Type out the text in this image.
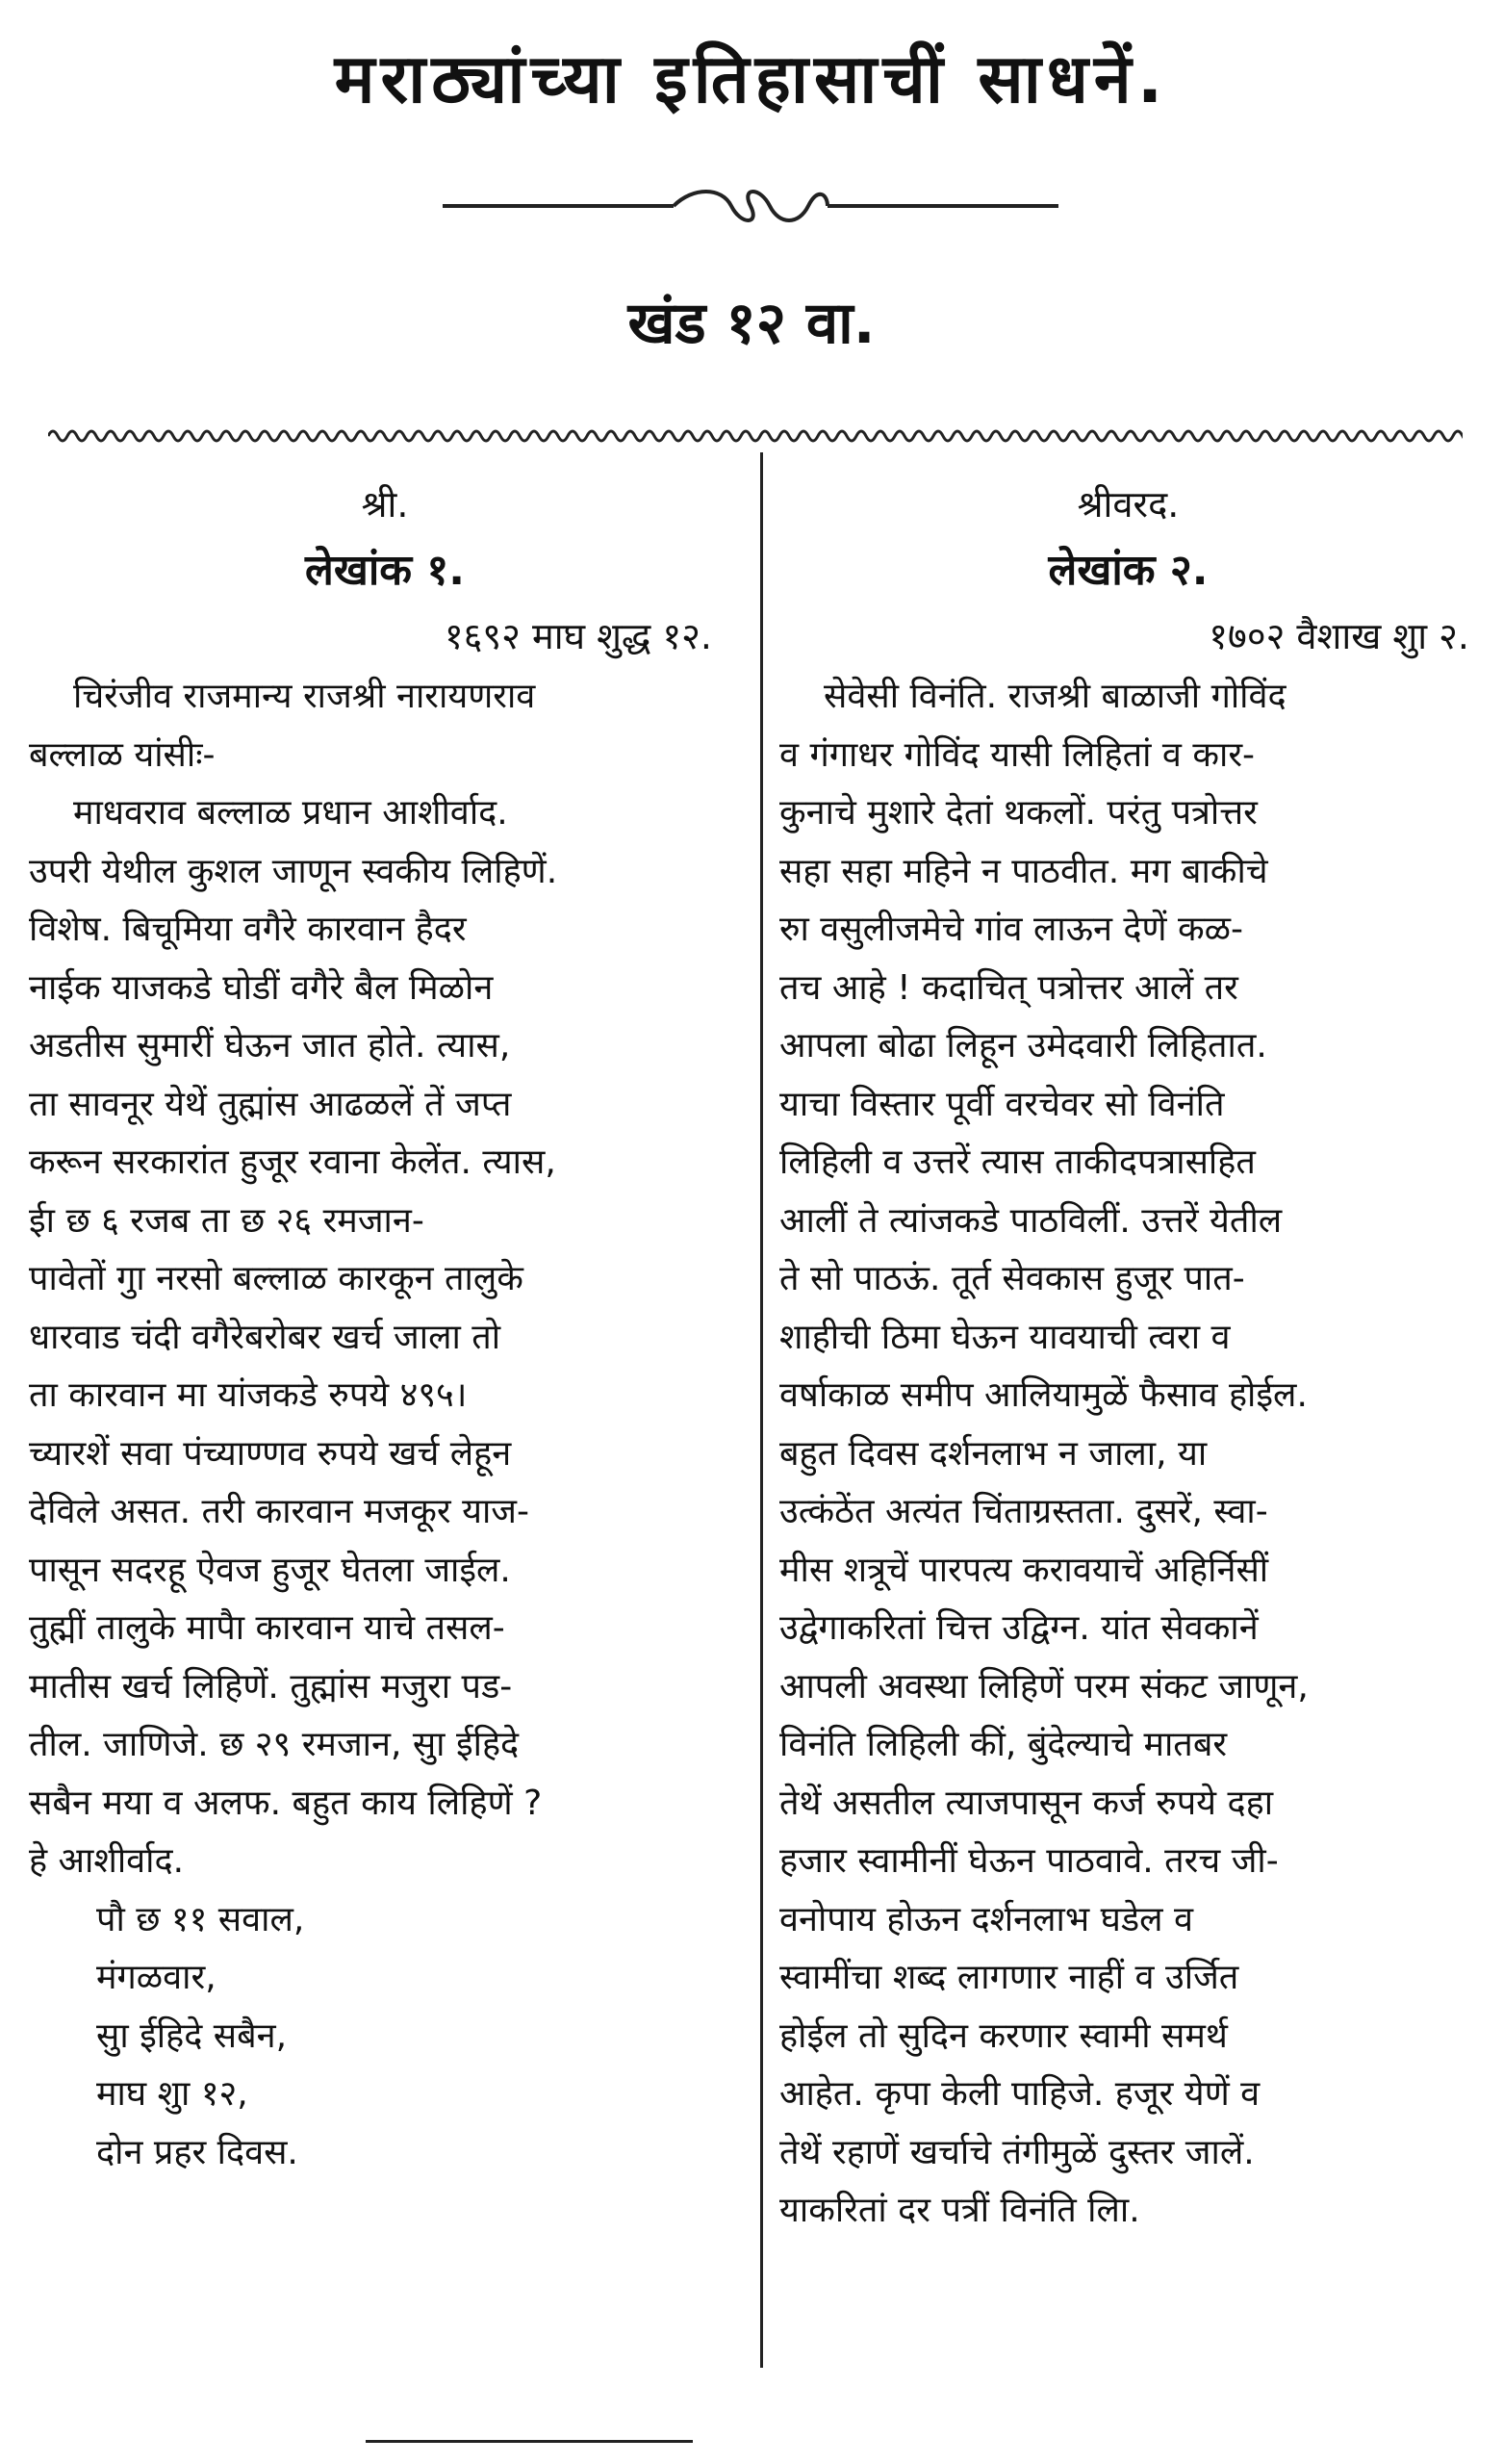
मराठ्यांच्या इतिहासाचीं साधनें.
खंड १२ वा.
श्री.
लेखांक १.
१६९२ माघ शुद्ध १२.
चिरंजीव राजमान्य राजश्री नारायणराव
बल्लाळ यांसीः-
माधवराव बल्लाळ प्रधान आशीर्वाद.
उपरी येथील कुशल जाणून स्वकीय लिहिणें.
विशेष. बिचूमिया वगैरे कारवान हैदर
नाईक याजकडे घोडीं वगैरे बैल मिळोन
अडतीस सुमारीं घेऊन जात होते. त्यास,
ता सावनूर येथें तुह्मांस आढळलें तें जप्त
करून सरकारांत हुजूर रवाना केलेंत. त्यास,
ईा छ ६ रजब ता छ २६ रमजान-
पावेतों गुा नरसो बल्लाळ कारकून तालुके
धारवाड चंदी वगैरेबरोबर खर्च जाला तो
ता कारवान मा यांजकडे रुपये ४९५।
च्यारशें सवा पंच्याण्णव रुपये खर्च लेहून
देविले असत. तरी कारवान मजकूर याज-
पासून सदरहू ऐवज हुजूर घेतला जाईल.
तुह्मीं तालुके मापैा कारवान याचे तसल-
मातीस खर्च लिहिणें. तुह्मांस मजुरा पड-
तील. जाणिजे. छ २९ रमजान, सुा ईहिदे
सबैन मया व अलफ. बहुत काय लिहिणें ?
हे आशीर्वाद.
पौ छ ११ सवाल,
मंगळवार,
सुा ईहिदे सबैन,
माघ शुा १२,
दोन प्रहर दिवस.
श्रीवरद.
लेखांक २.
१७०२ वैशाख शुा २.
सेवेसी विनंति. राजश्री बाळाजी गोविंद
व गंगाधर गोविंद यासी लिहितां व कार-
कुनाचे मुशारे देतां थकलों. परंतु पत्रोत्तर
सहा सहा महिने न पाठवीत. मग बाकीचे
रुा वसुलीजमेचे गांव लाऊन देणें कळ-
तच आहे ! कदाचित् पत्रोत्तर आलें तर
आपला बोढा लिहून उमेदवारी लिहितात.
याचा विस्तार पूर्वी वरचेवर सो विनंति
लिहिली व उत्तरें त्यास ताकीदपत्रासहित
आलीं ते त्यांजकडे पाठविलीं. उत्तरें येतील
ते सो पाठऊं. तूर्त सेवकास हुजूर पात-
शाहीची ठिमा घेऊन यावयाची त्वरा व
वर्षाकाळ समीप आलियामुळें फैसाव होईल.
बहुत दिवस दर्शनलाभ न जाला, या
उत्कंठेंत अत्यंत चिंताग्रस्तता. दुसरें, स्वा-
मीस शत्रूचें पारपत्य करावयाचें अहिर्निसीं
उद्वेगाकरितां चित्त उद्विग्न. यांत सेवकानें
आपली अवस्था लिहिणें परम संकट जाणून,
विनंति लिहिली कीं, बुंदेल्याचे मातबर
तेथें असतील त्याजपासून कर्ज रुपये दहा
हजार स्वामीनीं घेऊन पाठवावे. तरच जी-
वनोपाय होऊन दर्शनलाभ घडेल व
स्वामींचा शब्द लागणार नाहीं व उर्जित
होईल तो सुदिन करणार स्वामी समर्थ
आहेत. कृपा केली पाहिजे. हजूर येणें व
तेथें रहाणें खर्चाचे तंगीमुळें दुस्तर जालें.
याकरितां दर पत्रीं विनंति लिा.
